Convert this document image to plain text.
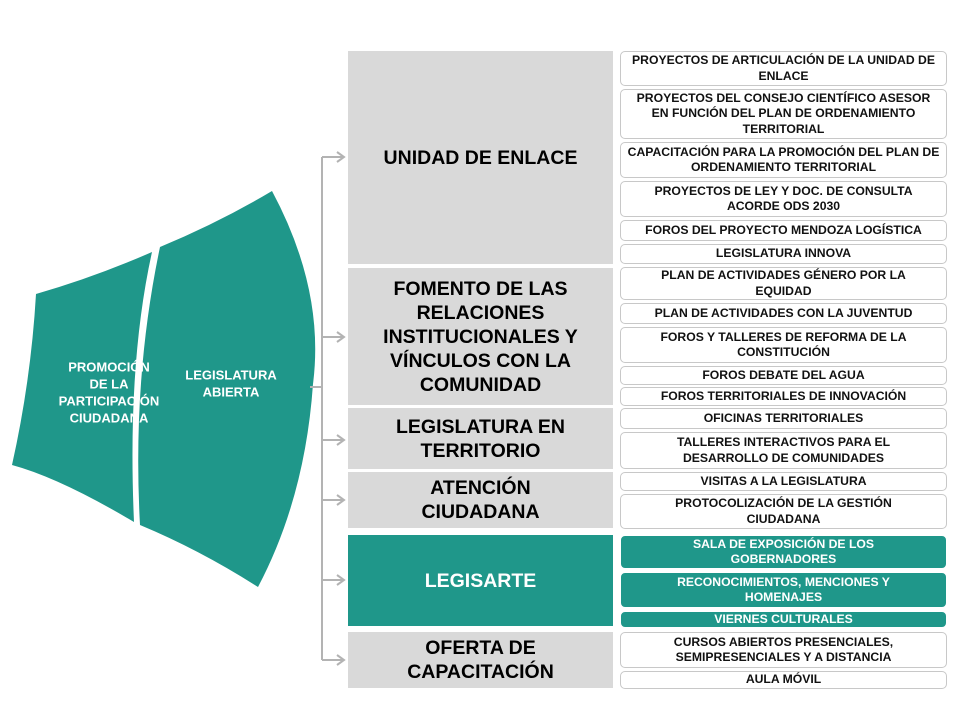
PROMOCIÓN DE LA PARTICIPACIÓN CIUDADANA
LEGISLATURA ABIERTA
UNIDAD DE ENLACE
FOMENTO DE LAS RELACIONES INSTITUCIONALES Y VÍNCULOS CON LA COMUNIDAD
LEGISLATURA EN TERRITORIO
ATENCIÓN CIUDADANA
LEGISARTE
OFERTA DE CAPACITACIÓN
PROYECTOS DE ARTICULACIÓN DE LA UNIDAD DE ENLACE
PROYECTOS DEL CONSEJO CIENTÍFICO ASESOR EN FUNCIÓN DEL PLAN DE ORDENAMIENTO TERRITORIAL
CAPACITACIÓN PARA LA PROMOCIÓN DEL PLAN DE ORDENAMIENTO TERRITORIAL
PROYECTOS DE LEY Y DOC. DE CONSULTA ACORDE ODS 2030
FOROS DEL PROYECTO MENDOZA LOGÍSTICA
LEGISLATURA INNOVA
PLAN DE ACTIVIDADES GÉNERO POR LA EQUIDAD
PLAN DE ACTIVIDADES CON LA JUVENTUD
FOROS Y TALLERES DE REFORMA DE LA CONSTITUCIÓN
FOROS DEBATE DEL AGUA
FOROS TERRITORIALES DE INNOVACIÓN
OFICINAS TERRITORIALES
TALLERES INTERACTIVOS PARA EL DESARROLLO DE COMUNIDADES
VISITAS A LA LEGISLATURA
PROTOCOLIZACIÓN DE LA GESTIÓN CIUDADANA
SALA DE EXPOSICIÓN DE LOS GOBERNADORES
RECONOCIMIENTOS, MENCIONES Y HOMENAJES
VIERNES CULTURALES
CURSOS ABIERTOS PRESENCIALES, SEMIPRESENCIALES Y A DISTANCIA
AULA MÓVIL
